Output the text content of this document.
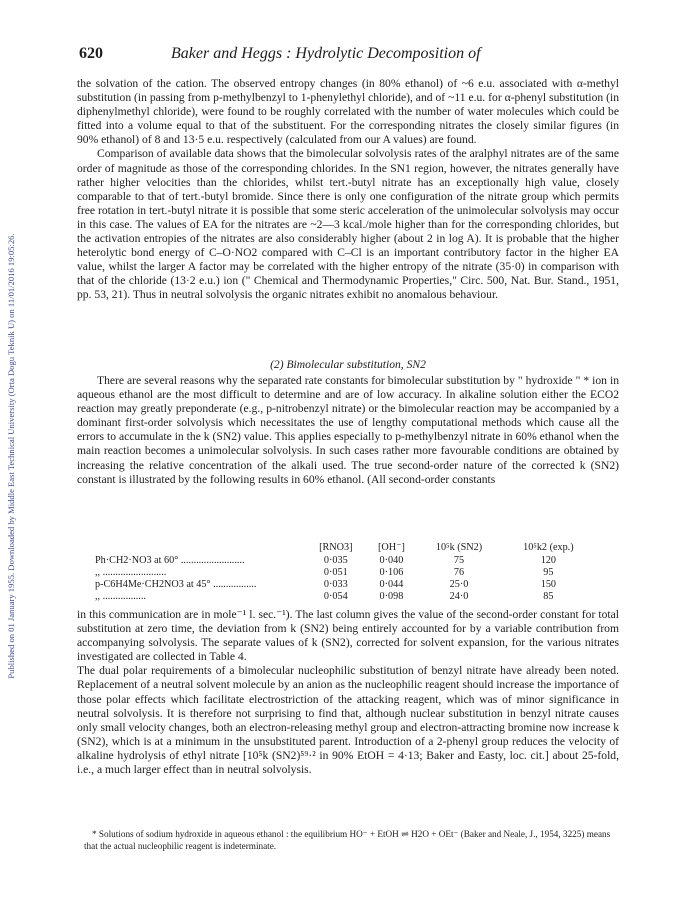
Published on 01 January 1955. Downloaded by Middle East Technical University (Orta Dogu Teknik U) on 11/01/2016 19:05:26.
620	Baker and Heggs : Hydrolytic Decomposition of

the solvation of the cation. The observed entropy changes (in 80% ethanol) of ~6 e.u. associated with α-methyl substitution (in passing from p-methylbenzyl to 1-phenylethyl chloride), and of ~11 e.u. for α-phenyl substitution (in diphenylmethyl chloride), were found to be roughly correlated with the number of water molecules which could be fitted into a volume equal to that of the substituent. For the corresponding nitrates the closely similar figures (in 90% ethanol) of 8 and 13·5 e.u. respectively (calculated from our A values) are found.

Comparison of available data shows that the bimolecular solvolysis rates of the aralphyl nitrates are of the same order of magnitude as those of the corresponding chlorides. In the SN1 region, however, the nitrates generally have rather higher velocities than the chlorides, whilst tert.-butyl nitrate has an exceptionally high value, closely comparable to that of tert.-butyl bromide. Since there is only one configuration of the nitrate group which permits free rotation in tert.-butyl nitrate it is possible that some steric acceleration of the unimolecular solvolysis may occur in this case. The values of EA for the nitrates are ~2—3 kcal./mole higher than for the corresponding chlorides, but the activation entropies of the nitrates are also considerably higher (about 2 in log A). It is probable that the higher heterolytic bond energy of C–O·NO2 compared with C–Cl is an important contributory factor in the higher EA value, whilst the larger A factor may be correlated with the higher entropy of the nitrate (35·0) in comparison with that of the chloride (13·2 e.u.) ion (" Chemical and Thermodynamic Properties," Circ. 500, Nat. Bur. Stand., 1951, pp. 53, 21). Thus in neutral solvolysis the organic nitrates exhibit no anomalous behaviour.

(2) Bimolecular substitution, SN2

There are several reasons why the separated rate constants for bimolecular substitution by " hydroxide " * ion in aqueous ethanol are the most difficult to determine and are of low accuracy. In alkaline solution either the ECO2 reaction may greatly preponderate (e.g., p-nitrobenzyl nitrate) or the bimolecular reaction may be accompanied by a dominant first-order solvolysis which necessitates the use of lengthy computational methods which cause all the errors to accumulate in the k (SN2) value. This applies especially to p-methylbenzyl nitrate in 60% ethanol when the main reaction becomes a unimolecular solvolysis. In such cases rather more favourable conditions are obtained by increasing the relative concentration of the alkali used. The true second-order nature of the corrected k (SN2) constant is illustrated by the following results in 60% ethanol. (All second-order constants

	[RNO3]	[OH⁻]	10⁵k (SN2)	10⁵k2 (exp.)
Ph·CH2·NO3 at 60° .........................	0·035	0·040	75	120
,, .........................	0·051	0·106	76	95
p-C6H4Me·CH2NO3 at 45° .................	0·033	0·044	25·0	150
,, .................	0·054	0·098	24·0	85

in this communication are in mole⁻¹ l. sec.⁻¹). The last column gives the value of the second-order constant for total substitution at zero time, the deviation from k (SN2) being entirely accounted for by a variable contribution from accompanying solvolysis. The separate values of k (SN2), corrected for solvent expansion, for the various nitrates investigated are collected in Table 4.

The dual polar requirements of a bimolecular nucleophilic substitution of benzyl nitrate have already been noted. Replacement of a neutral solvent molecule by an anion as the nucleophilic reagent should increase the importance of those polar effects which facilitate electrostriction of the attacking reagent, which was of minor significance in neutral solvolysis. It is therefore not surprising to find that, although nuclear substitution in benzyl nitrate causes only small velocity changes, both an electron-releasing methyl group and electron-attracting bromine now increase k (SN2), which is at a minimum in the unsubstituted parent. Introduction of a 2-phenyl group reduces the velocity of alkaline hydrolysis of ethyl nitrate [10⁵k (SN2)⁵⁹·² in 90% EtOH = 4·13; Baker and Easty, loc. cit.] about 25-fold, i.e., a much larger effect than in neutral solvolysis.

* Solutions of sodium hydroxide in aqueous ethanol : the equilibrium HO⁻ + EtOH ⇌ H2O + OEt⁻ (Baker and Neale, J., 1954, 3225) means that the actual nucleophilic reagent is indeterminate.
